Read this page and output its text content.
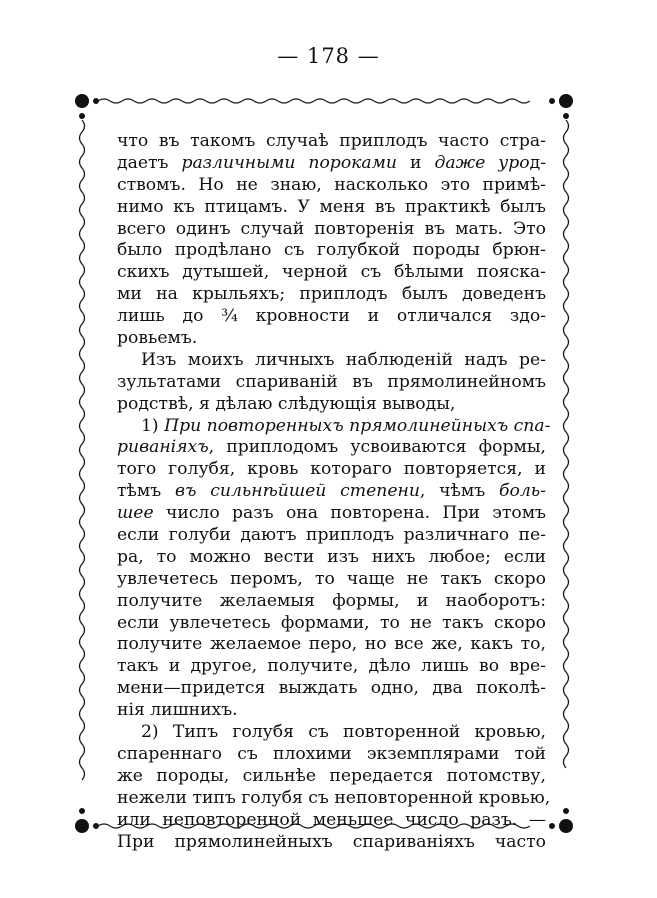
— 178 —
что въ такомъ случаѣ приплодъ часто стра-
даетъ различными пороками и даже урод-
ствомъ. Но не знаю, насколько это примѣ-
нимо къ птицамъ. У меня въ практикѣ былъ
всего одинъ случай повторенія въ мать. Это
было продѣлано съ голубкой породы брюн-
скихъ дутышей, черной съ бѣлыми пояска-
ми на крыльяхъ; приплодъ былъ доведенъ
лишь до ¾ кровности и отличался здо-
ровьемъ.
Изъ моихъ личныхъ наблюденій надъ ре-
зультатами спариваній въ прямолинейномъ
родствѣ, я дѣлаю слѣдующія выводы,
1) При повторенныхъ прямолинейныхъ спа-
риваніяхъ, приплодомъ усвоиваются формы,
того голубя, кровь котораго повторяется, и
тѣмъ въ сильнѣйшей степени, чѣмъ боль-
шее число разъ она повторена. При этомъ
если голуби даютъ приплодъ различнаго пе-
ра, то можно вести изъ нихъ любое; если
увлечетесь перомъ, то чаще не такъ скоро
получите желаемыя формы, и наоборотъ:
если увлечетесь формами, то не такъ скоро
получите желаемое перо, но все же, какъ то,
такъ и другое, получите, дѣло лишь во вре-
мени—придется выждать одно, два поколѣ-
нія лишнихъ.
2) Типъ голубя съ повторенной кровью,
спареннаго съ плохими экземплярами той
же породы, сильнѣе передается потомству,
нежели типъ голубя съ неповторенной кровью,
или неповторенной меньшее число разъ. —
При прямолинейныхъ спариваніяхъ часто
